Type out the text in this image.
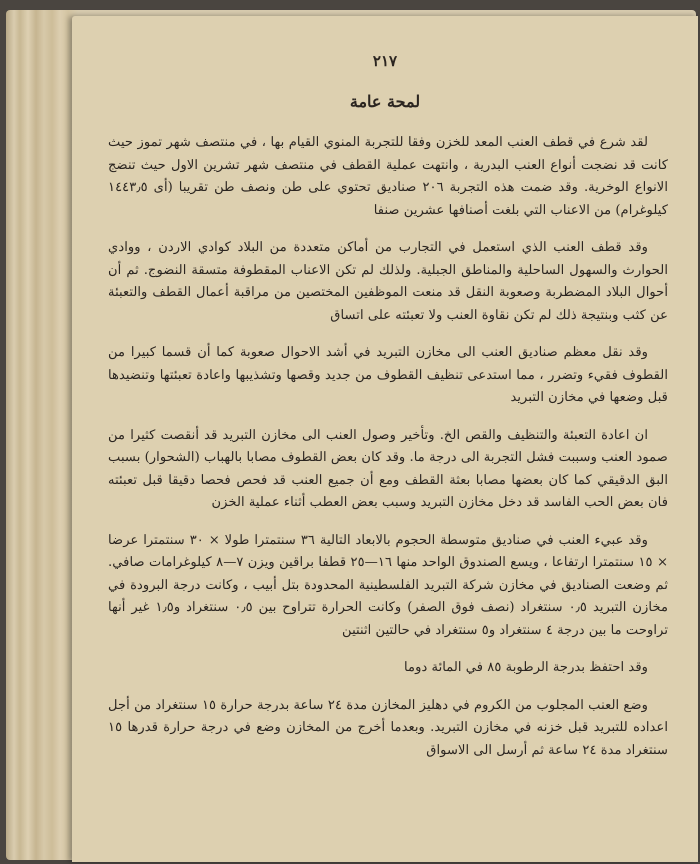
٢١٧
لمحة عامة

لقد شرع في قطف العنب المعد للخزن وفقا للتجربة المنوي القيام بها ، في منتصف شهر تموز حيث كانت قد نضجت أنواع العنب البدرية ، وانتهت عملية القطف في منتصف شهر تشرين الاول حيث تنضج الانواع الوخرية. وقد ضمت هذه التجربة ٢٠٦ صناديق تحتوي على طن ونصف طن تقريبا (أى ١٤٤٣٫٥ كيلوغرام) من الاعناب التي بلغت أصنافها عشرين صنفا

وقد قطف العنب الذي استعمل في التجارب من أماكن متعددة من البلاد كوادي الاردن ، ووادي الحوارث والسهول الساحلية والمناطق الجبلية. ولذلك لم تكن الاعناب المقطوفة متسقة النضوج. ثم أن أحوال البلاد المضطربة وصعوبة النقل قد منعت الموظفين المختصين من مراقبة أعمال القطف والتعبئة عن كثب وبنتيجة ذلك لم تكن نقاوة العنب ولا تعبئته على اتساق

وقد نقل معظم صناديق العنب الى مخازن التبريد في أشد الاحوال صعوبة كما أن قسما كبيرا من القطوف فقيء وتضرر ، مما استدعى تنظيف القطوف من جديد وقصها وتشذيبها واعادة تعبئتها وتنضيدها قبل وضعها في مخازن التبريد

ان اعادة التعبئة والتنظيف والقص الخ. وتأخير وصول العنب الى مخازن التبريد قد أنقصت كثيرا من صمود العنب وسببت فشل التجربة الى درجة ما. وقد كان بعض القطوف مصابا بالهباب (الشحوار) بسبب البق الدقيقي كما كان بعضها مصابا بعثة القطف ومع أن جميع العنب قد فحص فحصا دقيقا قبل تعبئته فان بعض الحب الفاسد قد دخل مخازن التبريد وسبب بعض العطب أثناء عملية الخزن

وقد عبيء العنب في صناديق متوسطة الحجوم بالابعاد التالية ٣٦ سنتمترا طولا × ٣٠ سنتمترا عرضا × ١٥ سنتمترا ارتفاعا ، ويسع الصندوق الواحد منها ١٦—٢٥ قطفا براقين ويزن ٧—٨ كيلوغرامات صافي. ثم وضعت الصناديق في مخازن شركة التبريد الفلسطينية المحدودة بتل أبيب ، وكانت درجة البرودة في مخازن التبريد ٠٫٥ سنتغراد (نصف فوق الصفر) وكانت الحرارة تتراوح بين ٠٫٥ سنتغراد و١٫٥ غير أنها تراوحت ما بين درجة ٤ سنتغراد و٥ سنتغراد في حالتين اثنتين

وقد احتفظ بدرجة الرطوبة ٨٥ في المائة دوما

وضع العنب المجلوب من الكروم في دهليز المخازن مدة ٢٤ ساعة بدرجة حرارة ١٥ سنتغراد من أجل اعداده للتبريد قبل خزنه في مخازن التبريد. وبعدما أخرج من المخازن وضع في درجة حرارة قدرها ١٥ سنتغراد مدة ٢٤ ساعة ثم أرسل الى الاسواق
